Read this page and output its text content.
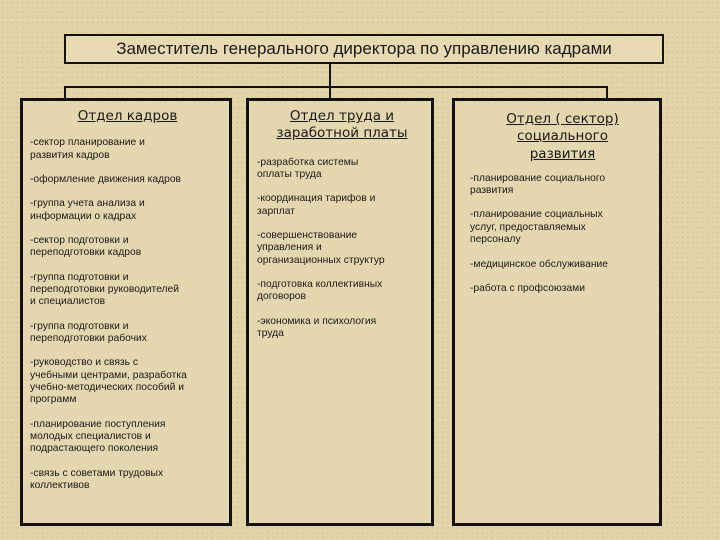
Заместитель генерального директора по управлению кадрами
Отдел кадров
-сектор планирование и
развития кадров
-оформление движения кадров
-группа учета анализа и
информации о кадрах
-сектор подготовки и
переподготовки кадров
-группа подготовки и
переподготовки руководителей
и специалистов
-группа подготовки и
переподготовки рабочих
-руководство и связь с
учебными центрами, разработка
учебно-методических пособий и
программ
-планирование поступления
молодых специалистов и
подрастающего поколения
-связь с советами трудовых
коллективов
Отдел труда и
заработной платы
-разработка системы
оплаты труда
-координация тарифов и
зарплат
-совершенствование
управления и
организационных структур
-подготовка коллективных
договоров
-экономика и психология
труда
Отдел ( сектор)
социального
развития
-планирование социального
развития
-планирование социальных
услуг, предоставляемых
персоналу
-медицинское обслуживание
-работа с профсоюзами
